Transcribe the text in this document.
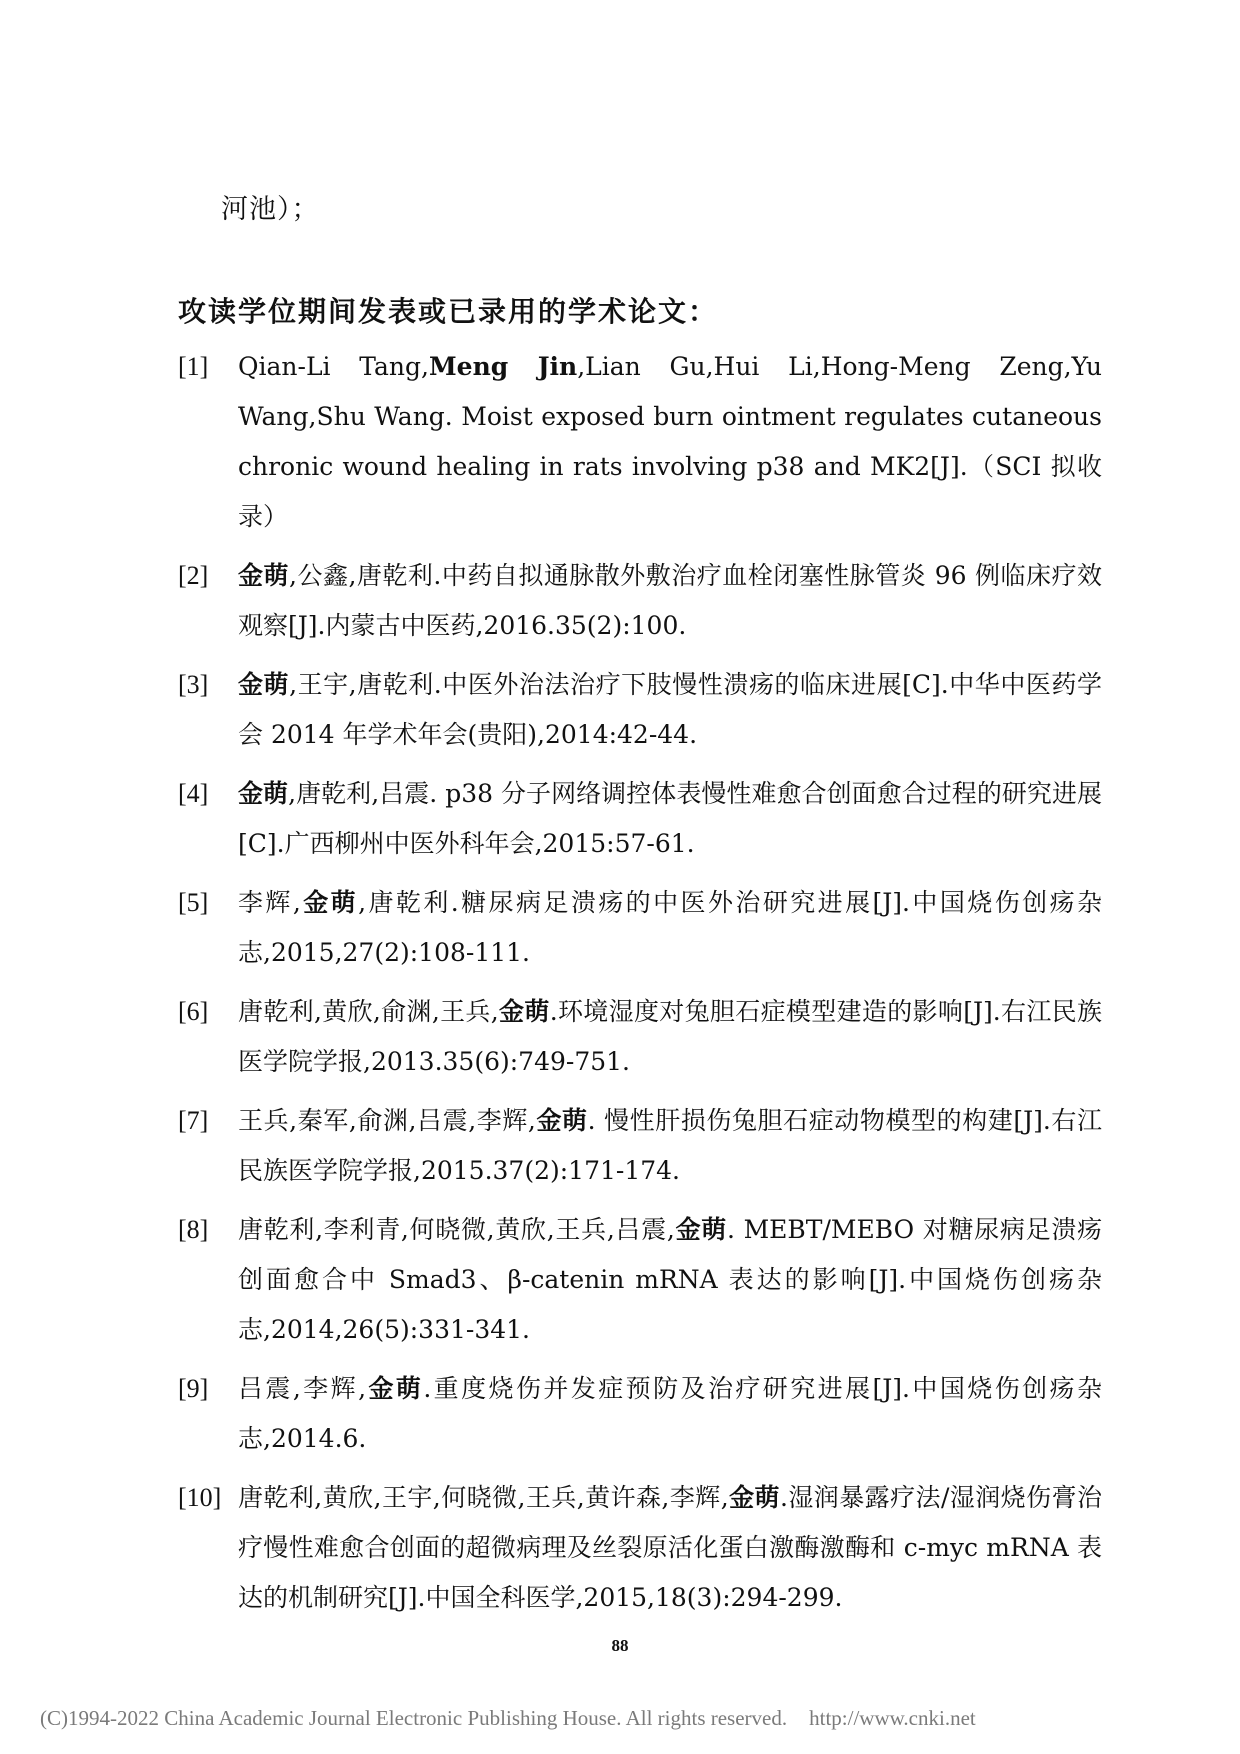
河池）；
攻读学位期间发表或已录用的学术论文：
[1] Qian-Li Tang,Meng Jin,Lian Gu,Hui Li,Hong-Meng Zeng,Yu Wang,Shu Wang. Moist exposed burn ointment regulates cutaneous chronic wound healing in rats involving p38 and MK2[J].（SCI 拟收录）
[2] 金萌,公鑫,唐乾利.中药自拟通脉散外敷治疗血栓闭塞性脉管炎 96 例临床疗效观察[J].内蒙古中医药,2016.35(2):100.
[3] 金萌,王宇,唐乾利.中医外治法治疗下肢慢性溃疡的临床进展[C].中华中医药学会 2014 年学术年会(贵阳),2014:42-44.
[4] 金萌,唐乾利,吕震. p38 分子网络调控体表慢性难愈合创面愈合过程的研究进展[C].广西柳州中医外科年会,2015:57-61.
[5] 李辉,金萌,唐乾利.糖尿病足溃疡的中医外治研究进展[J].中国烧伤创疡杂志,2015,27(2):108-111.
[6] 唐乾利,黄欣,俞渊,王兵,金萌.环境湿度对兔胆石症模型建造的影响[J].右江民族医学院学报,2013.35(6):749-751.
[7] 王兵,秦军,俞渊,吕震,李辉,金萌. 慢性肝损伤兔胆石症动物模型的构建[J].右江民族医学院学报,2015.37(2):171-174.
[8] 唐乾利,李利青,何晓微,黄欣,王兵,吕震,金萌. MEBT/MEBO 对糖尿病足溃疡创面愈合中 Smad3、β-catenin mRNA 表达的影响[J].中国烧伤创疡杂志,2014,26(5):331-341.
[9] 吕震,李辉,金萌.重度烧伤并发症预防及治疗研究进展[J].中国烧伤创疡杂志,2014.6.
[10] 唐乾利,黄欣,王宇,何晓微,王兵,黄许森,李辉,金萌.湿润暴露疗法/湿润烧伤膏治疗慢性难愈合创面的超微病理及丝裂原活化蛋白激酶激酶和 c-myc mRNA 表达的机制研究[J].中国全科医学,2015,18(3):294-299.
88
(C)1994-2022 China Academic Journal Electronic Publishing House. All rights reserved. http://www.cnki.net
